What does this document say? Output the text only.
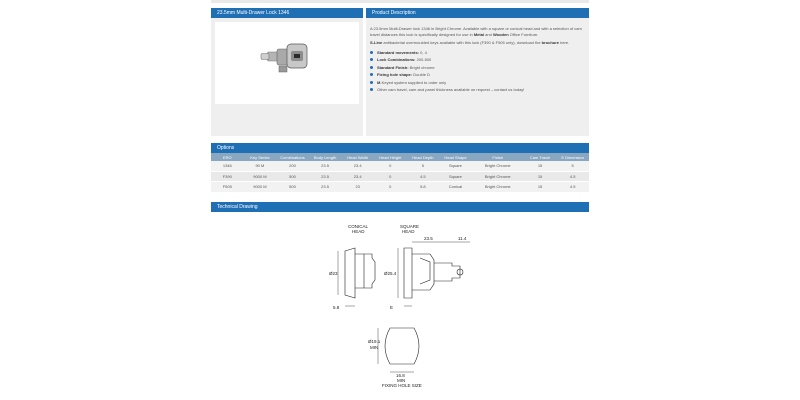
23.5mm Multi-Drawer Lock 1346	Product Description

A 23.5mm Multi-Drawer lock 1346 in Bright Chrome. Available with a square or conical head and with a selection of cam travel distances this lock is specifically designed for use in Metal and Wooden Office Furniture.

S-Line antibacterial overmoulded keys available with this lock (F390 & F505 only), download the brochure here.

Standard movements: 0, 4
Lock Combinations: 200-500
Standard Finish: Bright chrome
Fixing hole shape: Double D
M-Keyed system supplied to order only
Other cam travel, cam and panel thickness available on request – contact us today!
Options
ERO	Key Series	Combinations	Body Length	Head Width	Head Height	Head Depth	Head Shape	Finish	Cam Travel	E Dimension
1346	90 M	200	23.5	23.4	0	5	Square	Bright Chrome	15	5
F390	9000 M	500	23.5	23.4	0	4.5	Square	Bright Chrome	15	4.5
F505	9000 M	500	23.5	23	0	5.8	Conical	Bright Chrome	15	4.5
Technical Drawing
CONICAL
HEAD
SQUARE
HEAD
23.5	11.4
Ø23	Ø25.4
5.8	E
Ø19.1
MIN
16.8
MIN
FIXING HOLE SIZE
